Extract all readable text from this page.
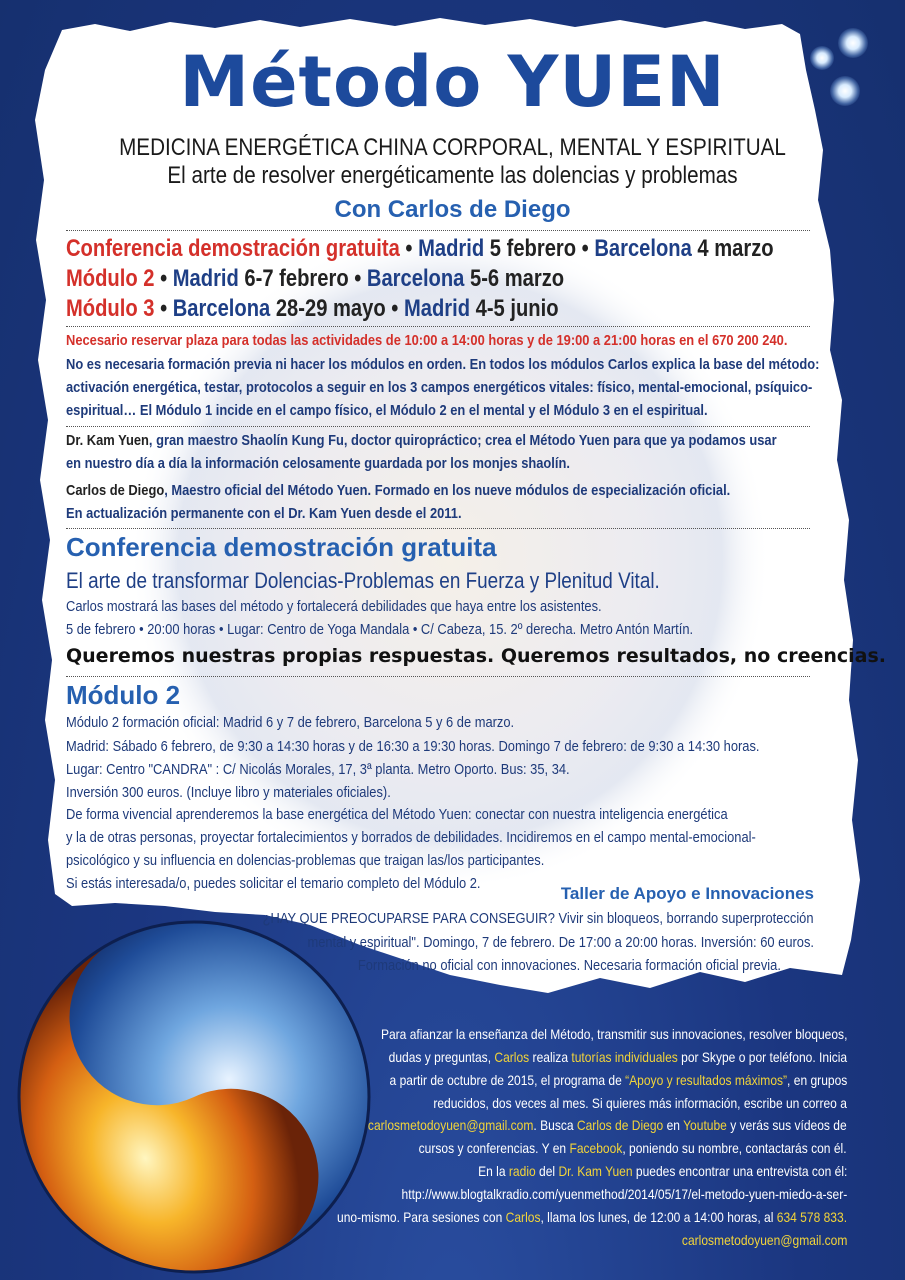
Método YUEN
MEDICINA ENERGÉTICA CHINA CORPORAL, MENTAL Y ESPIRITUAL
El arte de resolver energéticamente las dolencias y problemas
Con Carlos de Diego
Conferencia demostración gratuita • Madrid 5 febrero • Barcelona 4 marzo
Módulo 2 • Madrid 6-7 febrero • Barcelona 5-6 marzo
Módulo 3 • Barcelona 28-29 mayo • Madrid 4-5 junio
Necesario reservar plaza para todas las actividades de 10:00 a 14:00 horas y de 19:00 a 21:00 horas en el 670 200 240.
No es necesaria formación previa ni hacer los módulos en orden. En todos los módulos Carlos explica la base del método:
activación energética, testar, protocolos a seguir en los 3 campos energéticos vitales: físico, mental-emocional, psíquico-
espiritual… El Módulo 1 incide en el campo físico, el Módulo 2 en el mental y el Módulo 3 en el espiritual.
Dr. Kam Yuen, gran maestro Shaolín Kung Fu, doctor quiropráctico; crea el Método Yuen para que ya podamos usar
en nuestro día a día la información celosamente guardada por los monjes shaolín.
Carlos de Diego, Maestro oficial del Método Yuen. Formado en los nueve módulos de especialización oficial.
En actualización permanente con el Dr. Kam Yuen desde el 2011.
Conferencia demostración gratuita
El arte de transformar Dolencias-Problemas en Fuerza y Plenitud Vital.
Carlos mostrará las bases del método y fortalecerá debilidades que haya entre los asistentes.
5 de febrero • 20:00 horas • Lugar: Centro de Yoga Mandala • C/ Cabeza, 15. 2º derecha. Metro Antón Martín.
Queremos nuestras propias respuestas. Queremos resultados, no creencias.
Módulo 2
Módulo 2 formación oficial: Madrid 6 y 7 de febrero, Barcelona 5 y 6 de marzo.
Madrid: Sábado 6 febrero, de 9:30 a 14:30 horas y de 16:30 a 19:30 horas. Domingo 7 de febrero: de 9:30 a 14:30 horas.
Lugar: Centro "CANDRA" : C/ Nicolás Morales, 17, 3ª planta. Metro Oporto. Bus: 35, 34.
Inversión 300 euros. (Incluye libro y materiales oficiales).
De forma vivencial aprenderemos la base energética del Método Yuen: conectar con nuestra inteligencia energética
y la de otras personas, proyectar fortalecimientos y borrados de debilidades. Incidiremos en el campo mental-emocional-
psicológico y su influencia en dolencias-problemas que traigan las/los participantes.
Si estás interesada/o, puedes solicitar el temario completo del Módulo 2.
Taller de Apoyo e Innovaciones
¿HAY QUE PREOCUPARSE PARA CONSEGUIR? Vivir sin bloqueos, borrando superprotección
mental y espiritual". Domingo, 7 de febrero. De 17:00 a 20:00 horas. Inversión: 60 euros.
Formación no oficial con innovaciones. Necesaria formación oficial previa.
Para afianzar la enseñanza del Método, transmitir sus innovaciones, resolver bloqueos,
dudas y preguntas, Carlos realiza tutorías individuales por Skype o por teléfono. Inicia
a partir de octubre de 2015, el programa de “Apoyo y resultados máximos”, en grupos
reducidos, dos veces al mes. Si quieres más información, escribe un correo a
carlosmetodoyuen@gmail.com. Busca Carlos de Diego en Youtube y verás sus vídeos de
cursos y conferencias. Y en Facebook, poniendo su nombre, contactarás con él.
En la radio del Dr. Kam Yuen puedes encontrar una entrevista con él:
http://www.blogtalkradio.com/yuenmethod/2014/05/17/el-metodo-yuen-miedo-a-ser-
uno-mismo. Para sesiones con Carlos, llama los lunes, de 12:00 a 14:00 horas, al 634 578 833.
carlosmetodoyuen@gmail.com
